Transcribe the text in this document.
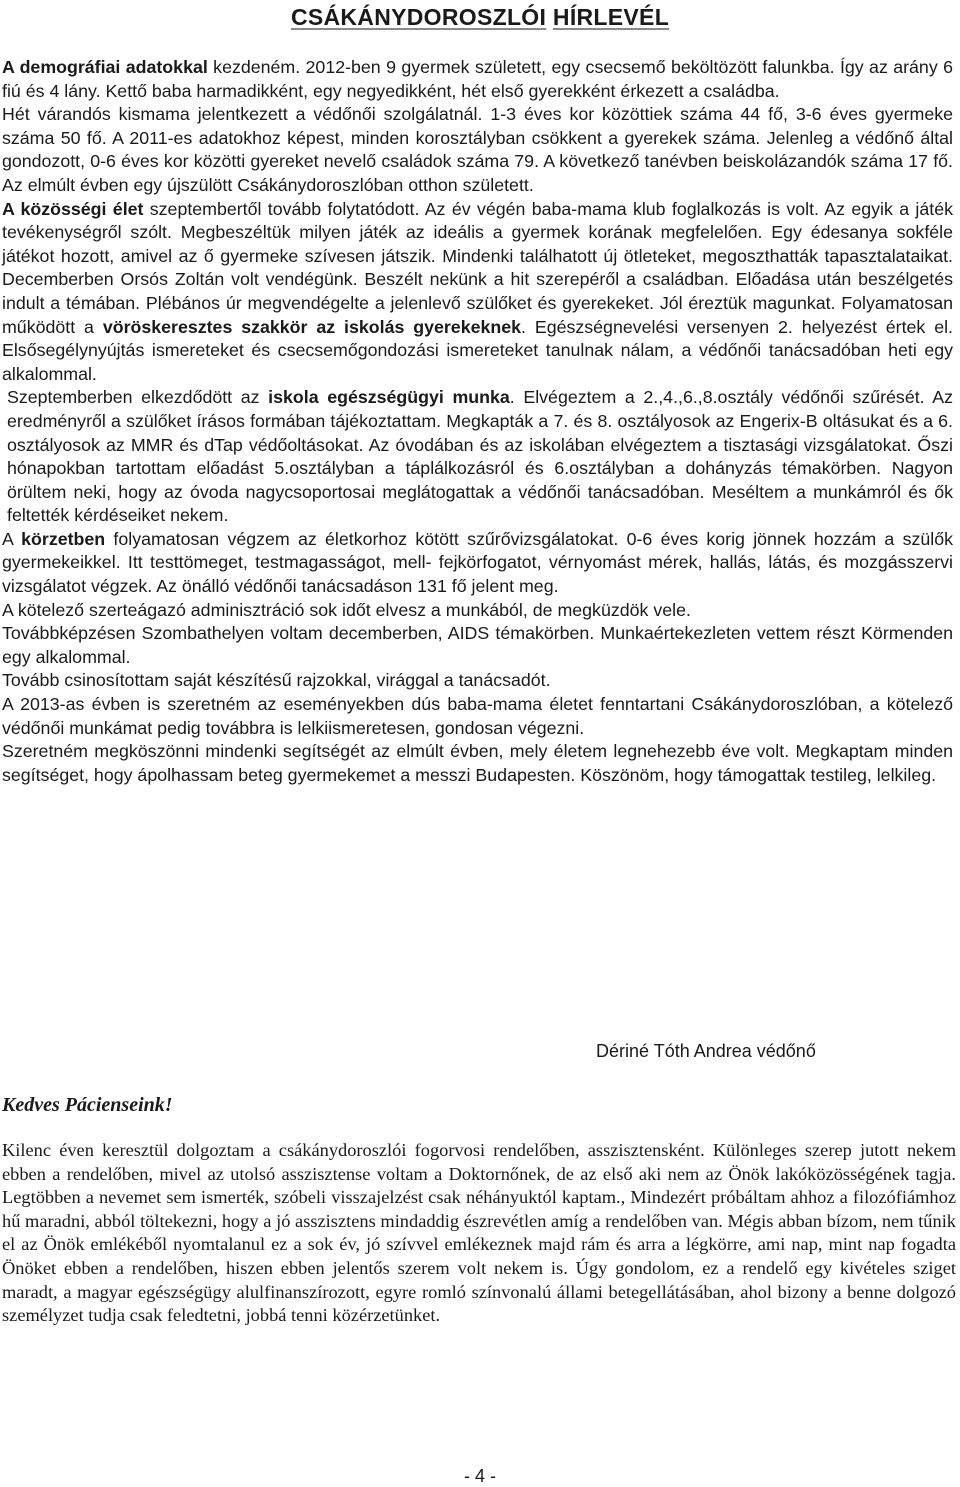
CSÁKÁNYDOROSZLÓI HÍRLEVÉL

A demográfiai adatokkal kezdeném. 2012-ben 9 gyermek született, egy csecsemő beköltözött falunkba. Így az arány 6 fiú és 4 lány. Kettő baba harmadikként, egy negyedikként, hét első gyerekként érkezett a családba.

Hét várandós kismama jelentkezett a védőnői szolgálatnál. 1-3 éves kor közöttiek száma 44 fő, 3-6 éves gyermeke száma 50 fő. A 2011-es adatokhoz képest, minden korosztályban csökkent a gyerekek száma. Jelenleg a védőnő által gondozott, 0-6 éves kor közötti gyereket nevelő családok száma 79. A következő tanévben beiskolázandók száma 17 fő. Az elmúlt évben egy újszülött Csákánydoroszlóban otthon született.

A közösségi élet szeptembertől tovább folytatódott. Az év végén baba-mama klub foglalkozás is volt. Az egyik a játék tevékenységről szólt. Megbeszéltük milyen játék az ideális a gyermek korának megfelelően. Egy édesanya sokféle játékot hozott, amivel az ő gyermeke szívesen játszik. Mindenki találhatott új ötleteket, megoszthatták tapasztalataikat. Decemberben Orsós Zoltán volt vendégünk. Beszélt nekünk a hit szerepéről a családban. Előadása után beszélgetés indult a témában. Plébános úr megvendégelte a jelenlevő szülőket és gyerekeket. Jól éreztük magunkat. Folyamatosan működött a vöröskeresztes szakkör az iskolás gyerekeknek. Egészségnevelési versenyen 2. helyezést értek el. Elsősegélynyújtás ismereteket és csecsemőgondozási ismereteket tanulnak nálam, a védőnői tanácsadóban heti egy alkalommal.

Szeptemberben elkezdődött az iskola egészségügyi munka. Elvégeztem a 2.,4.,6.,8.osztály védőnői szűrését. Az eredményről a szülőket írásos formában tájékoztattam. Megkapták a 7. és 8. osztályosok az Engerix-B oltásukat és a 6. osztályosok az MMR és dTap védőoltásokat. Az óvodában és az iskolában elvégeztem a tisztasági vizsgálatokat. Őszi hónapokban tartottam előadást 5.osztályban a táplálkozásról és 6.osztályban a dohányzás témakörben. Nagyon örültem neki, hogy az óvoda nagycsoportosai meglátogattak a védőnői tanácsadóban. Meséltem a munkámról és ők feltették kérdéseiket nekem.

A körzetben folyamatosan végzem az életkorhoz kötött szűrővizsgálatokat. 0-6 éves korig jönnek hozzám a szülők gyermekeikkel. Itt testtömeget, testmagasságot, mell- fejkörfogatot, vérnyomást mérek, hallás, látás, és mozgásszervi vizsgálatot végzek. Az önálló védőnői tanácsadáson 131 fő jelent meg.

A kötelező szerteágazó adminisztráció sok időt elvesz a munkából, de megküzdök vele.

Továbbképzésen Szombathelyen voltam decemberben, AIDS témakörben. Munkaértekezleten vettem részt Körmenden egy alkalommal.

Tovább csinosítottam saját készítésű rajzokkal, virággal a tanácsadót.

A 2013-as évben is szeretném az eseményekben dús baba-mama életet fenntartani Csákánydoroszlóban, a kötelező védőnői munkámat pedig továbbra is lelkiismeretesen, gondosan végezni.

Szeretném megköszönni mindenki segítségét az elmúlt évben, mely életem legnehezebb éve volt. Megkaptam minden segítséget, hogy ápolhassam beteg gyermekemet a messzi Budapesten. Köszönöm, hogy támogattak testileg, lelkileg.

Dériné Tóth Andrea védőnő
Kedves Pácienseink!
Kilenc éven keresztül dolgoztam a csákánydoroszlói fogorvosi rendelőben, asszisztensként. Különleges szerep jutott nekem ebben a rendelőben, mivel az utolsó asszisztense voltam a Doktornőnek, de az első aki nem az Önök lakóközösségének tagja. Legtöbben a nevemet sem ismerték, szóbeli visszajelzést csak néhányuktól kaptam., Mindezért próbáltam ahhoz a filozófiámhoz hű maradni, abból töltekezni, hogy a jó asszisztens mindaddig észrevétlen amíg a rendelőben van. Mégis abban bízom, nem tűnik el az Önök emlékéből nyomtalanul ez a sok év, jó szívvel emlékeznek majd rám és arra a légkörre, ami nap, mint nap fogadta Önöket ebben a rendelőben, hiszen ebben jelentős szerem volt nekem is. Úgy gondolom, ez a rendelő egy kivételes sziget maradt, a magyar egészségügy alulfinanszírozott, egyre romló színvonalú állami betegellátásában, ahol bizony a benne dolgozó személyzet tudja csak feledtetni, jobbá tenni közérzetünket.
- 4 -
